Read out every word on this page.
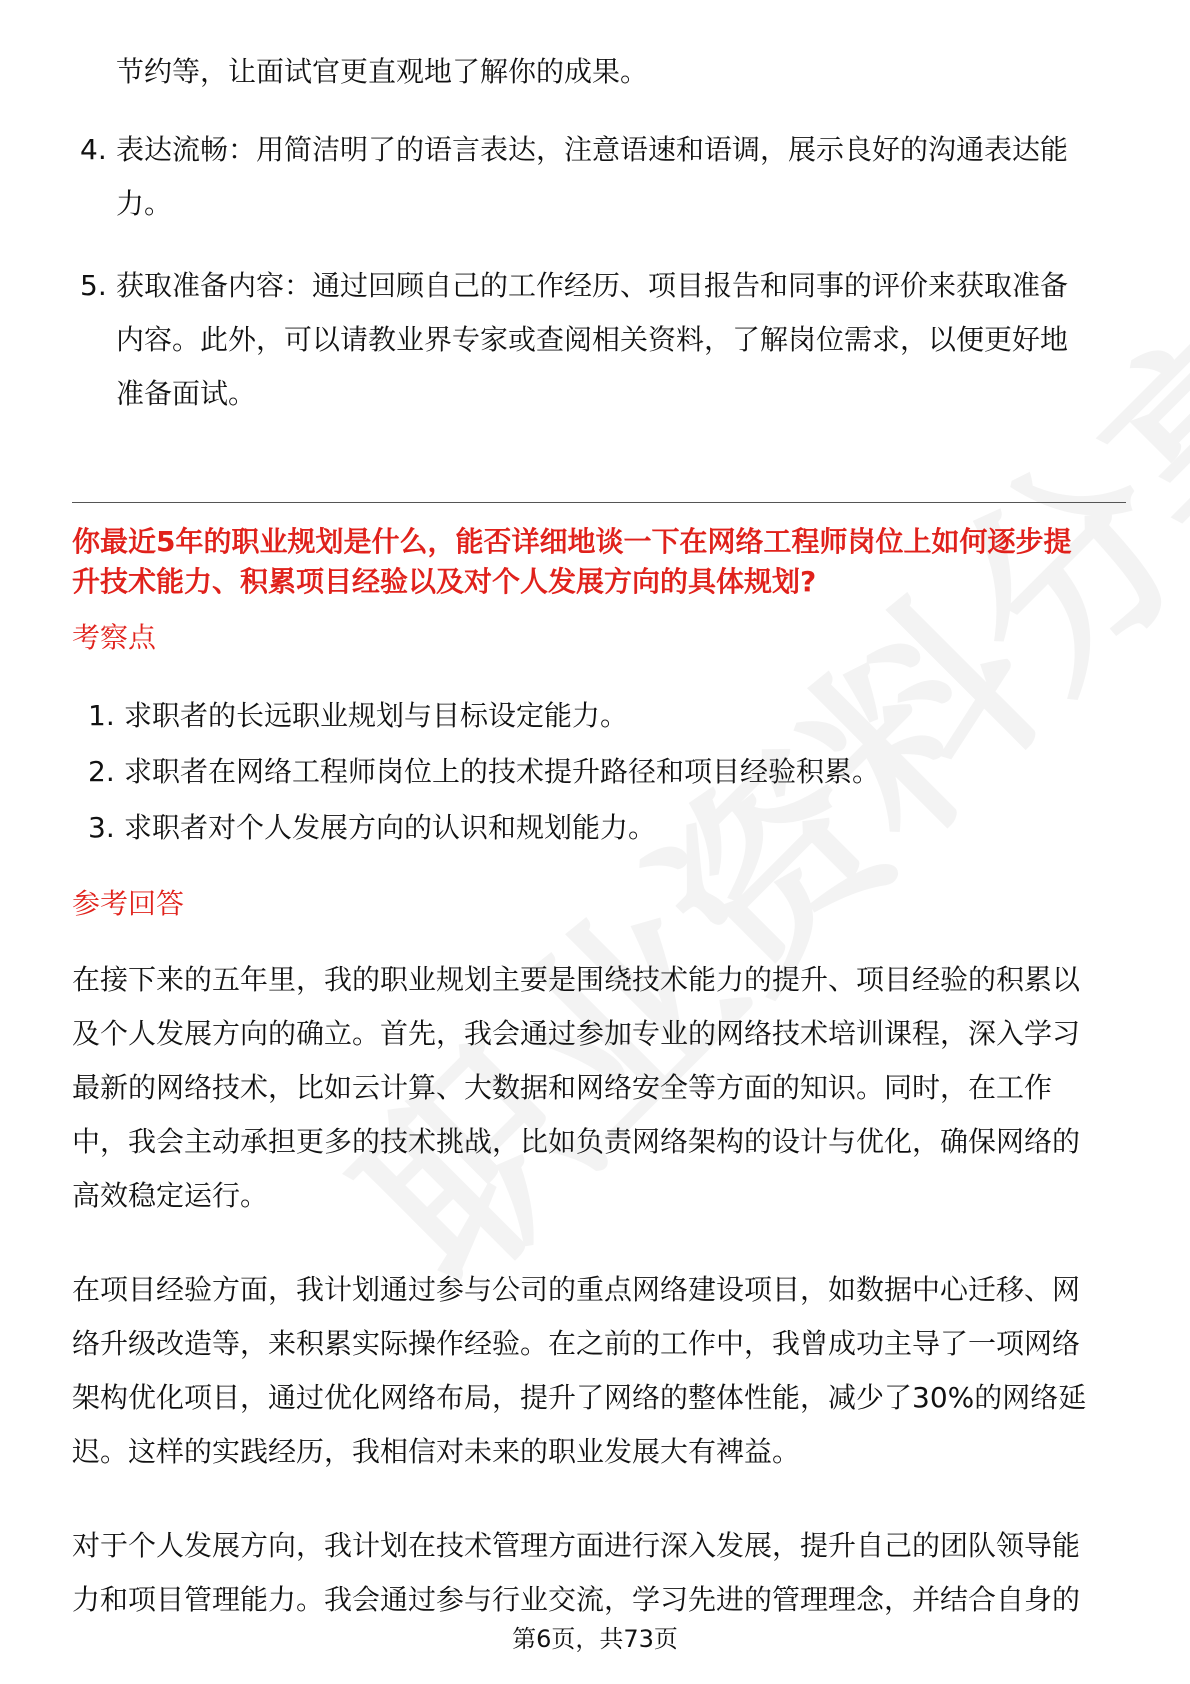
节约等，让面试官更直观地了解你的成果。
4. 表达流畅：用简洁明了的语言表达，注意语速和语调，展示良好的沟通表达能
力。
5. 获取准备内容：通过回顾自己的工作经历、项目报告和同事的评价来获取准备
内容。此外，可以请教业界专家或查阅相关资料，了解岗位需求，以便更好地
准备面试。
你最近5年的职业规划是什么，能否详细地谈一下在网络工程师岗位上如何逐步提
升技术能力、积累项目经验以及对个人发展方向的具体规划?
考察点
1. 求职者的长远职业规划与目标设定能力。
2. 求职者在网络工程师岗位上的技术提升路径和项目经验积累。
3. 求职者对个人发展方向的认识和规划能力。
参考回答
在接下来的五年里，我的职业规划主要是围绕技术能力的提升、项目经验的积累以
及个人发展方向的确立。首先，我会通过参加专业的网络技术培训课程，深入学习
最新的网络技术，比如云计算、大数据和网络安全等方面的知识。同时，在工作
中，我会主动承担更多的技术挑战，比如负责网络架构的设计与优化，确保网络的
高效稳定运行。
在项目经验方面，我计划通过参与公司的重点网络建设项目，如数据中心迁移、网
络升级改造等，来积累实际操作经验。在之前的工作中，我曾成功主导了一项网络
架构优化项目，通过优化网络布局，提升了网络的整体性能，减少了30%的网络延
迟。这样的实践经历，我相信对未来的职业发展大有裨益。
对于个人发展方向，我计划在技术管理方面进行深入发展，提升自己的团队领导能
力和项目管理能力。我会通过参与行业交流，学习先进的管理理念，并结合自身的
第6页，共73页
